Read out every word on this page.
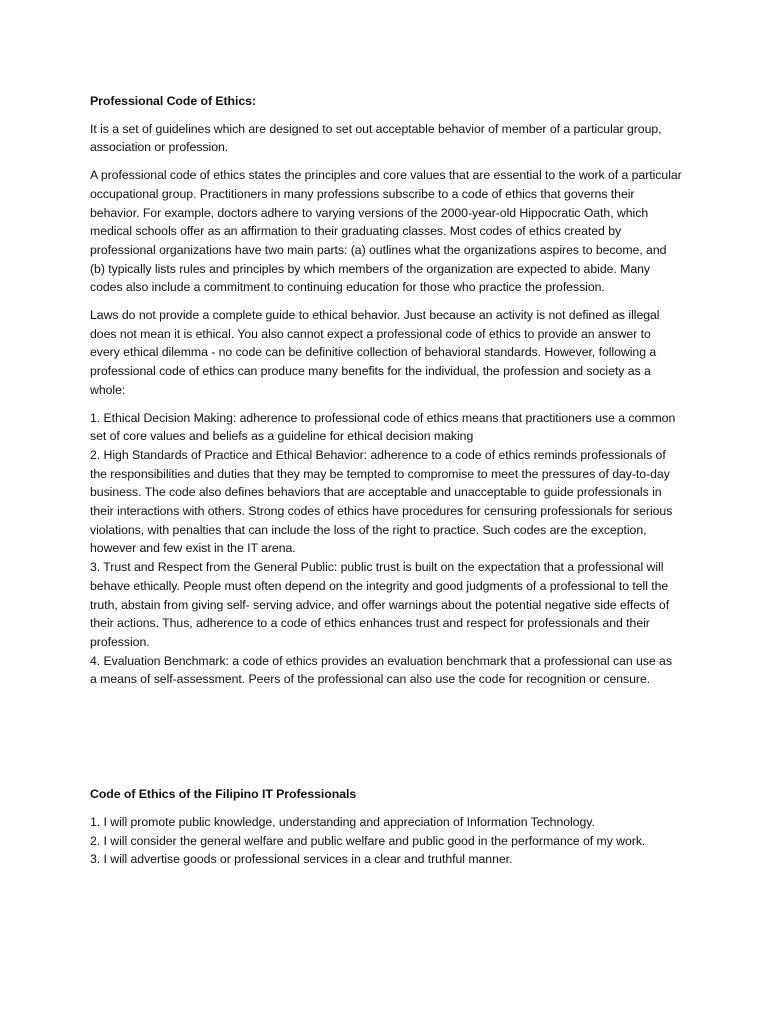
Professional Code of Ethics:

It is a set of guidelines which are designed to set out acceptable behavior of member of a particular group, association or profession.

A professional code of ethics states the principles and core values that are essential to the work of a particular occupational group. Practitioners in many professions subscribe to a code of ethics that governs their behavior. For example, doctors adhere to varying versions of the 2000-year-old Hippocratic Oath, which medical schools offer as an affirmation to their graduating classes. Most codes of ethics created by professional organizations have two main parts: (a) outlines what the organizations aspires to become, and (b) typically lists rules and principles by which members of the organization are expected to abide. Many codes also include a commitment to continuing education for those who practice the profession.

Laws do not provide a complete guide to ethical behavior. Just because an activity is not defined as illegal does not mean it is ethical. You also cannot expect a professional code of ethics to provide an answer to every ethical dilemma - no code can be definitive collection of behavioral standards. However, following a professional code of ethics can produce many benefits for the individual, the profession and society as a whole:

1. Ethical Decision Making: adherence to professional code of ethics means that practitioners use a common set of core values and beliefs as a guideline for ethical decision making
2. High Standards of Practice and Ethical Behavior: adherence to a code of ethics reminds professionals of the responsibilities and duties that they may be tempted to compromise to meet the pressures of day-to-day business. The code also defines behaviors that are acceptable and unacceptable to guide professionals in their interactions with others. Strong codes of ethics have procedures for censuring professionals for serious violations, with penalties that can include the loss of the right to practice. Such codes are the exception, however and few exist in the IT arena.
3. Trust and Respect from the General Public: public trust is built on the expectation that a professional will behave ethically. People must often depend on the integrity and good judgments of a professional to tell the truth, abstain from giving self- serving advice, and offer warnings about the potential negative side effects of their actions. Thus, adherence to a code of ethics enhances trust and respect for professionals and their profession.
4. Evaluation Benchmark: a code of ethics provides an evaluation benchmark that a professional can use as a means of self-assessment. Peers of the professional can also use the code for recognition or censure.

Code of Ethics of the Filipino IT Professionals

1. I will promote public knowledge, understanding and appreciation of Information Technology.
2. I will consider the general welfare and public welfare and public good in the performance of my work.
3. I will advertise goods or professional services in a clear and truthful manner.
